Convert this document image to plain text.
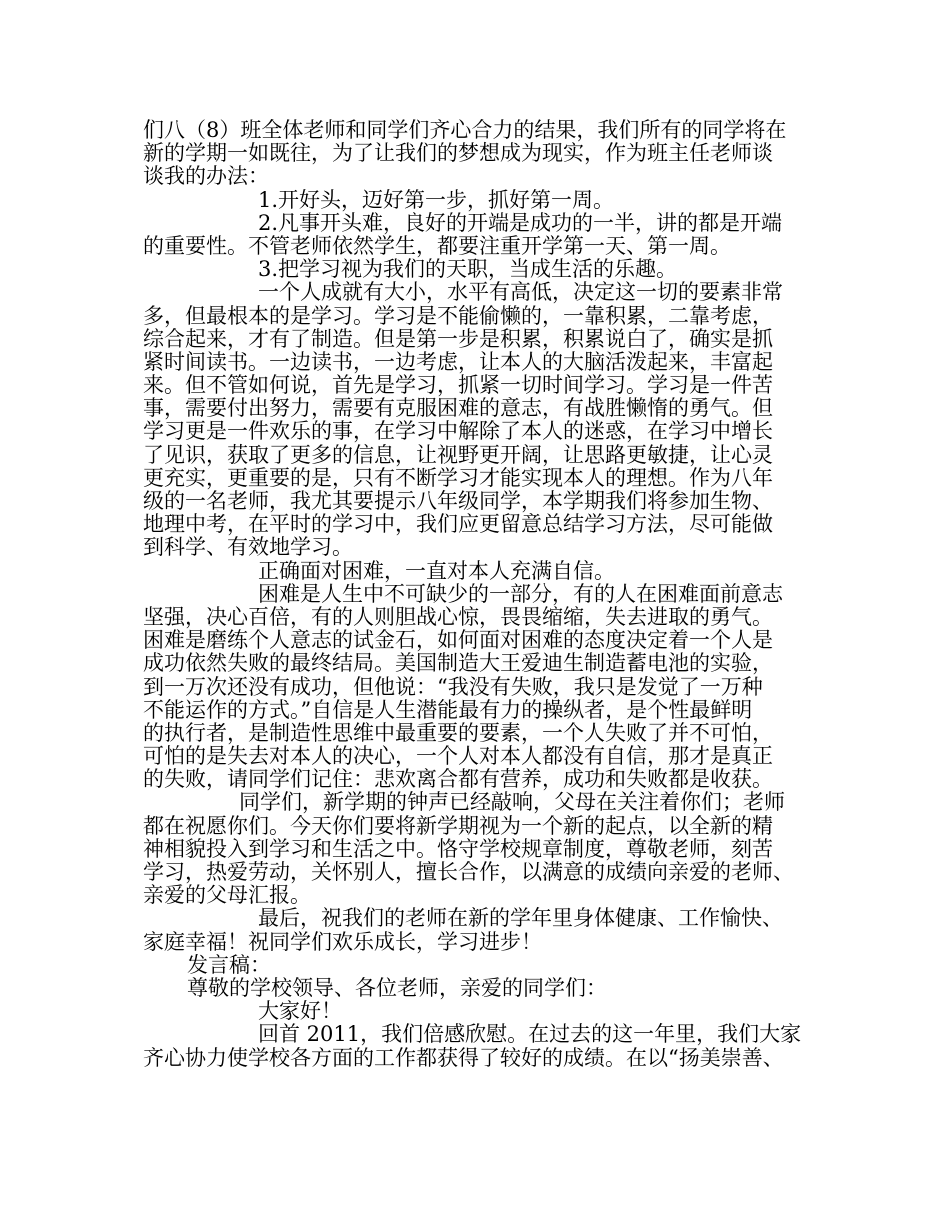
们八（8）班全体老师和同学们齐心合力的结果，我们所有的同学将在
新的学期一如既往，为了让我们的梦想成为现实，作为班主任老师谈
谈我的办法：
1.开好头，迈好第一步，抓好第一周。
2.凡事开头难，良好的开端是成功的一半，讲的都是开端
的重要性。不管老师依然学生，都要注重开学第一天、第一周。
3.把学习视为我们的天职，当成生活的乐趣。
一个人成就有大小，水平有高低，决定这一切的要素非常
多，但最根本的是学习。学习是不能偷懒的，一靠积累，二靠考虑，
综合起来，才有了制造。但是第一步是积累，积累说白了，确实是抓
紧时间读书。一边读书，一边考虑，让本人的大脑活泼起来，丰富起
来。但不管如何说，首先是学习，抓紧一切时间学习。学习是一件苦
事，需要付出努力，需要有克服困难的意志，有战胜懒惰的勇气。但
学习更是一件欢乐的事，在学习中解除了本人的迷惑，在学习中增长
了见识，获取了更多的信息，让视野更开阔，让思路更敏捷，让心灵
更充实，更重要的是，只有不断学习才能实现本人的理想。作为八年
级的一名老师，我尤其要提示八年级同学，本学期我们将参加生物、
地理中考，在平时的学习中，我们应更留意总结学习方法，尽可能做
到科学、有效地学习。
正确面对困难，一直对本人充满自信。
困难是人生中不可缺少的一部分，有的人在困难面前意志
坚强，决心百倍，有的人则胆战心惊，畏畏缩缩，失去进取的勇气。
困难是磨练个人意志的试金石，如何面对困难的态度决定着一个人是
成功依然失败的最终结局。美国制造大王爱迪生制造蓄电池的实验，
到一万次还没有成功，但他说：“我没有失败，我只是发觉了一万种
不能运作的方式。”自信是人生潜能最有力的操纵者，是个性最鲜明
的执行者，是制造性思维中最重要的要素，一个人失败了并不可怕，
可怕的是失去对本人的决心，一个人对本人都没有自信，那才是真正
的失败，请同学们记住：悲欢离合都有营养，成功和失败都是收获。
同学们，新学期的钟声已经敲响，父母在关注着你们；老师
都在祝愿你们。今天你们要将新学期视为一个新的起点，以全新的精
神相貌投入到学习和生活之中。恪守学校规章制度，尊敬老师，刻苦
学习，热爱劳动，关怀别人，擅长合作，以满意的成绩向亲爱的老师、
亲爱的父母汇报。
最后，祝我们的老师在新的学年里身体健康、工作愉快、
家庭幸福！祝同学们欢乐成长，学习进步！
发言稿：
尊敬的学校领导、各位老师，亲爱的同学们：
大家好！
回首 2011，我们倍感欣慰。在过去的这一年里，我们大家
齐心协力使学校各方面的工作都获得了较好的成绩。在以“扬美崇善、
